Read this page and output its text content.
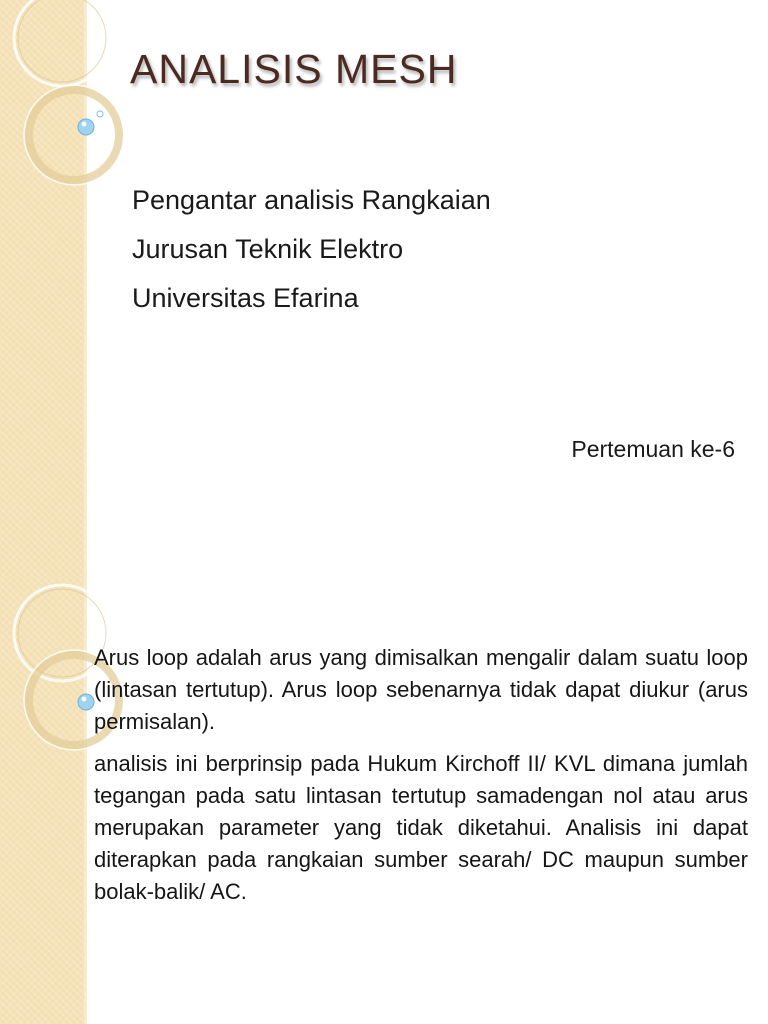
ANALISIS MESH
Pengantar analisis Rangkaian
Jurusan Teknik Elektro
Universitas Efarina
Pertemuan ke-6

Arus loop adalah arus yang dimisalkan mengalir dalam suatu loop (lintasan tertutup). Arus loop sebenarnya tidak dapat diukur (arus permisalan).

analisis ini berprinsip pada Hukum Kirchoff II/ KVL dimana jumlah tegangan pada satu lintasan tertutup samadengan nol atau arus merupakan parameter yang tidak diketahui. Analisis ini dapat diterapkan pada rangkaian sumber searah/ DC maupun sumber bolak-balik/ AC.
